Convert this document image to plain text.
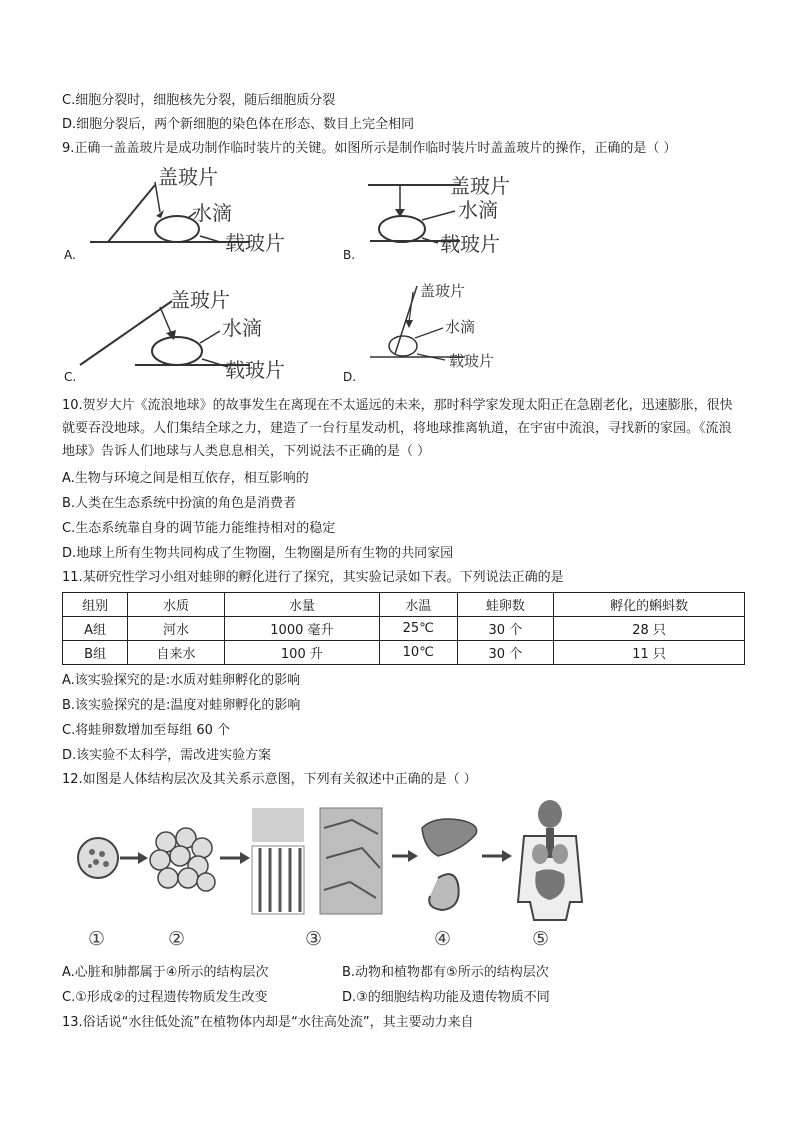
C.细胞分裂时，细胞核先分裂，随后细胞质分裂
D.细胞分裂后，两个新细胞的染色体在形态、数目上完全相同
9.正确一盖盖玻片是成功制作临时装片的关键。如图所示是制作临时装片时盖盖玻片的操作，正确的是（ ）
盖玻片
水滴
载玻片
A.
盖玻片
水滴
载玻片
B.
盖玻片
水滴
载玻片
C.
盖玻片
水滴
载玻片
D.
10.贺岁大片《流浪地球》的故事发生在离现在不太遥远的未来，那时科学家发现太阳正在急剧老化，迅速膨胀，很快就要吞没地球。人们集结全球之力，建造了一台行星发动机，将地球推离轨道，在宇宙中流浪，寻找新的家园。《流浪地球》告诉人们地球与人类息息相关，下列说法不正确的是（ ）
A.生物与环境之间是相互依存，相互影响的
B.人类在生态系统中扮演的角色是消费者
C.生态系统靠自身的调节能力能维持相对的稳定
D.地球上所有生物共同构成了生物圈，生物圈是所有生物的共同家园
11.某研究性学习小组对蛙卵的孵化进行了探究，其实验记录如下表。下列说法正确的是
组别	水质	水量	水温	蛙卵数	孵化的蝌蚪数
A组	河水	1000 毫升	25℃	30 个	28 只
B组	自来水	100 升	10℃	30 个	11 只
A.该实验探究的是:水质对蛙卵孵化的影响
B.该实验探究的是:温度对蛙卵孵化的影响
C.将蛙卵数增加至每组 60 个
D.该实验不太科学，需改进实验方案
12.如图是人体结构层次及其关系示意图，下列有关叙述中正确的是（ ）
①	②	③	④	⑤
A.心脏和肺都属于④所示的结构层次	B.动物和植物都有⑤所示的结构层次
C.①形成②的过程遗传物质发生改变	D.③的细胞结构功能及遗传物质不同
13.俗话说“水往低处流”在植物体内却是“水往高处流”，其主要动力来自
